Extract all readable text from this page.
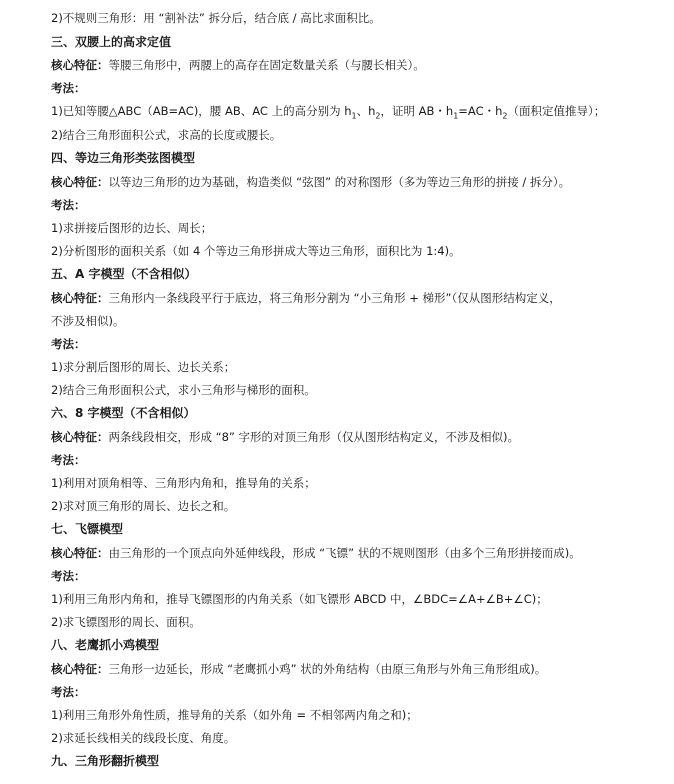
2)不规则三角形：用 “割补法” 拆分后，结合底 / 高比求面积比。
三、双腰上的高求定值
核心特征：等腰三角形中，两腰上的高存在固定数量关系（与腰长相关）。
考法：
1)已知等腰△ABC（AB=AC)，腰 AB、AC 上的高分别为 $h_1$、$h_2$，证明 AB・$h_1=AC$・$h_2$（面积定值推导）；
2)结合三角形面积公式，求高的长度或腰长。
四、等边三角形类弦图模型
核心特征：以等边三角形的边为基础，构造类似 “弦图” 的对称图形（多为等边三角形的拼接 / 拆分）。
考法：
1)求拼接后图形的边长、周长；
2)分析图形的面积关系（如 4 个等边三角形拼成大等边三角形，面积比为 1:4)。
五、A 字模型（不含相似）
核心特征：三角形内一条线段平行于底边，将三角形分割为 “小三角形 + 梯形”（仅从图形结构定义，
不涉及相似)。
考法：
1)求分割后图形的周长、边长关系；
2)结合三角形面积公式，求小三角形与梯形的面积。
六、8 字模型（不含相似）
核心特征：两条线段相交，形成 “8” 字形的对顶三角形（仅从图形结构定义，不涉及相似)。
考法：
1)利用对顶角相等、三角形内角和，推导角的关系；
2)求对顶三角形的周长、边长之和。
七、飞镖模型
核心特征：由三角形的一个顶点向外延伸线段，形成 “飞镖” 状的不规则图形（由多个三角形拼接而成)。
考法：
1)利用三角形内角和，推导飞镖图形的内角关系（如飞镖形 ABCD 中，∠BDC=∠A+∠B+∠C)；
2)求飞镖图形的周长、面积。
八、老鹰抓小鸡模型
核心特征：三角形一边延长，形成 “老鹰抓小鸡” 状的外角结构（由原三角形与外角三角形组成)。
考法：
1)利用三角形外角性质，推导角的关系（如外角 = 不相邻两内角之和)；
2)求延长线相关的线段长度、角度。
九、三角形翻折模型
